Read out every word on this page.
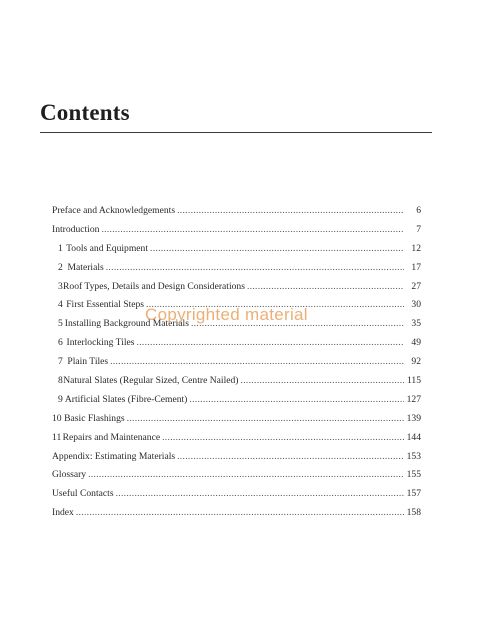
Contents
Preface and Acknowledgements .....	6
Introduction .....	7
1 Tools and Equipment .....	12
2 Materials .....	17
3 Roof Types, Details and Design Considerations .....	27
4 First Essential Steps .....	30
5 Installing Background Materials .....	35
6 Interlocking Tiles .....	49
7 Plain Tiles .....	92
8 Natural Slates (Regular Sized, Centre Nailed) .....	115
9 Artificial Slates (Fibre-Cement) .....	127
10 Basic Flashings .....	139
11 Repairs and Maintenance .....	144
Appendix: Estimating Materials .....	153
Glossary .....	155
Useful Contacts .....	157
Index .....	158
Copyrighted material
